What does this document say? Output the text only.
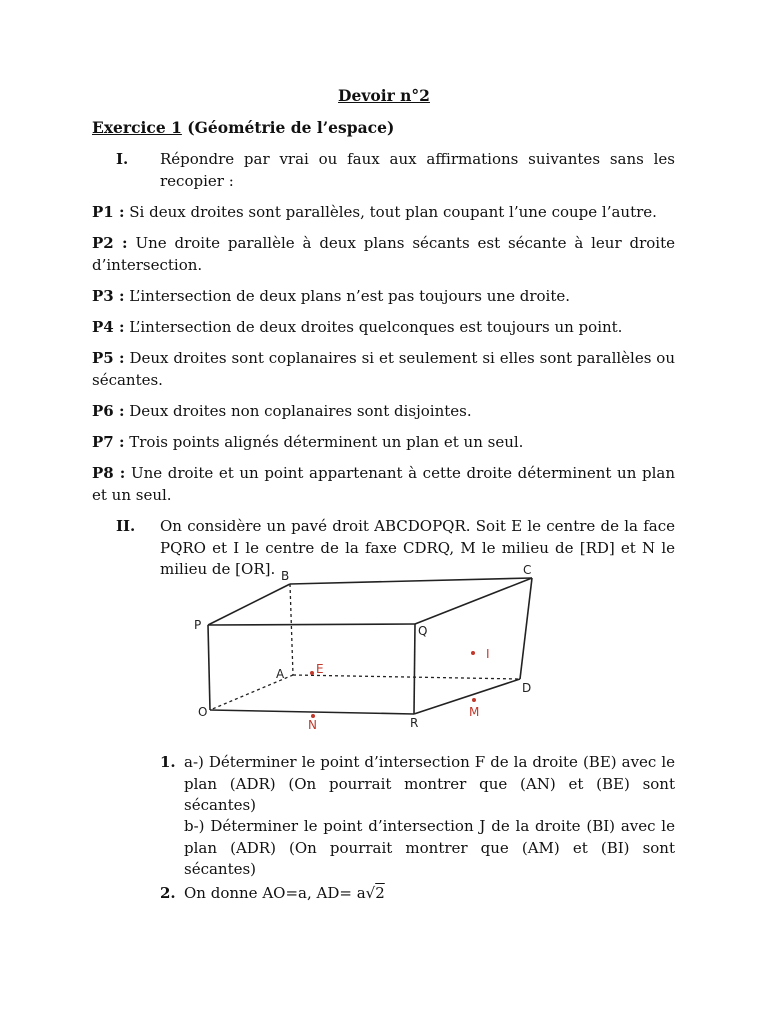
Devoir n°2
Exercice 1 (Géométrie de l’espace)
I. Répondre par vrai ou faux aux affirmations suivantes sans les recopier :
P1 : Si deux droites sont parallèles, tout plan coupant l’une coupe l’autre.
P2 : Une droite parallèle à deux plans sécants est sécante à leur droite d’intersection.
P3 : L’intersection de deux plans n’est pas toujours une droite.
P4 : L’intersection de deux droites quelconques est toujours un point.
P5 : Deux droites sont coplanaires si et seulement si elles sont parallèles ou sécantes.
P6 : Deux droites non coplanaires sont disjointes.
P7 : Trois points alignés déterminent un plan et un seul.
P8 : Une droite et un point appartenant à cette droite déterminent un plan et un seul.
II. On considère un pavé droit ABCDOPQR. Soit E le centre de la face PQRO et I le centre de la faxe CDRQ, M le milieu de [RD] et N le milieu de [OR]. B	C
P	Q
A
D
O
R
E
I
M
N
1. a-) Déterminer le point d’intersection F de la droite (BE) avec le plan (ADR) (On pourrait montrer que (AN) et (BE) sont sécantes)
b-) Déterminer le point d’intersection J de la droite (BI) avec le plan (ADR) (On pourrait montrer que (AM) et (BI) sont sécantes)
2. On donne AO=a, AD= a√2
